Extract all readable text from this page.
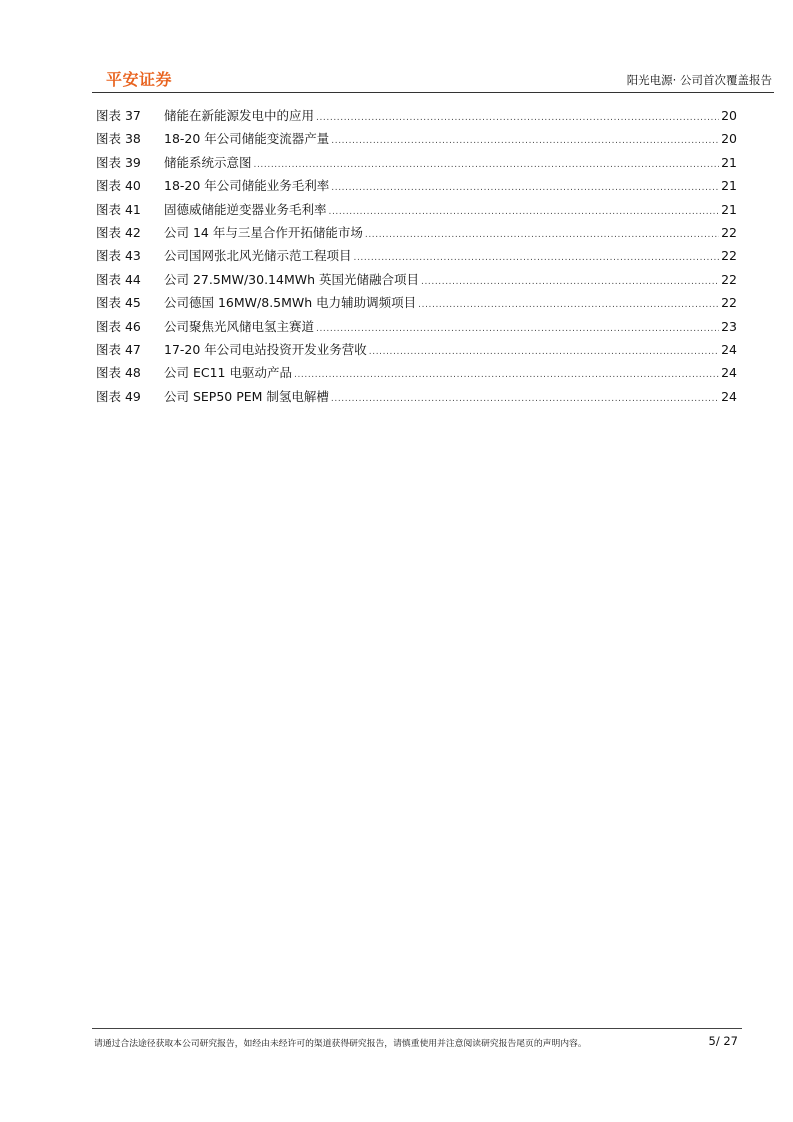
平安证券	阳光电源· 公司首次覆盖报告
图表 37	储能在新能源发电中的应用 .....	20
图表 38	18-20 年公司储能变流器产量 .....	20
图表 39	储能系统示意图 .....	21
图表 40	18-20 年公司储能业务毛利率 .....	21
图表 41	固德威储能逆变器业务毛利率 .....	21
图表 42	公司 14 年与三星合作开拓储能市场 .....	22
图表 43	公司国网张北风光储示范工程项目 .....	22
图表 44	公司 27.5MW/30.14MWh 英国光储融合项目 .....	22
图表 45	公司德国 16MW/8.5MWh 电力辅助调频项目 .....	22
图表 46	公司聚焦光风储电氢主赛道 .....	23
图表 47	17-20 年公司电站投资开发业务营收 .....	24
图表 48	公司 EC11 电驱动产品 .....	24
图表 49	公司 SEP50 PEM 制氢电解槽 .....	24
请通过合法途径获取本公司研究报告，如经由未经许可的渠道获得研究报告，请慎重使用并注意阅读研究报告尾页的声明内容。	5/ 27
